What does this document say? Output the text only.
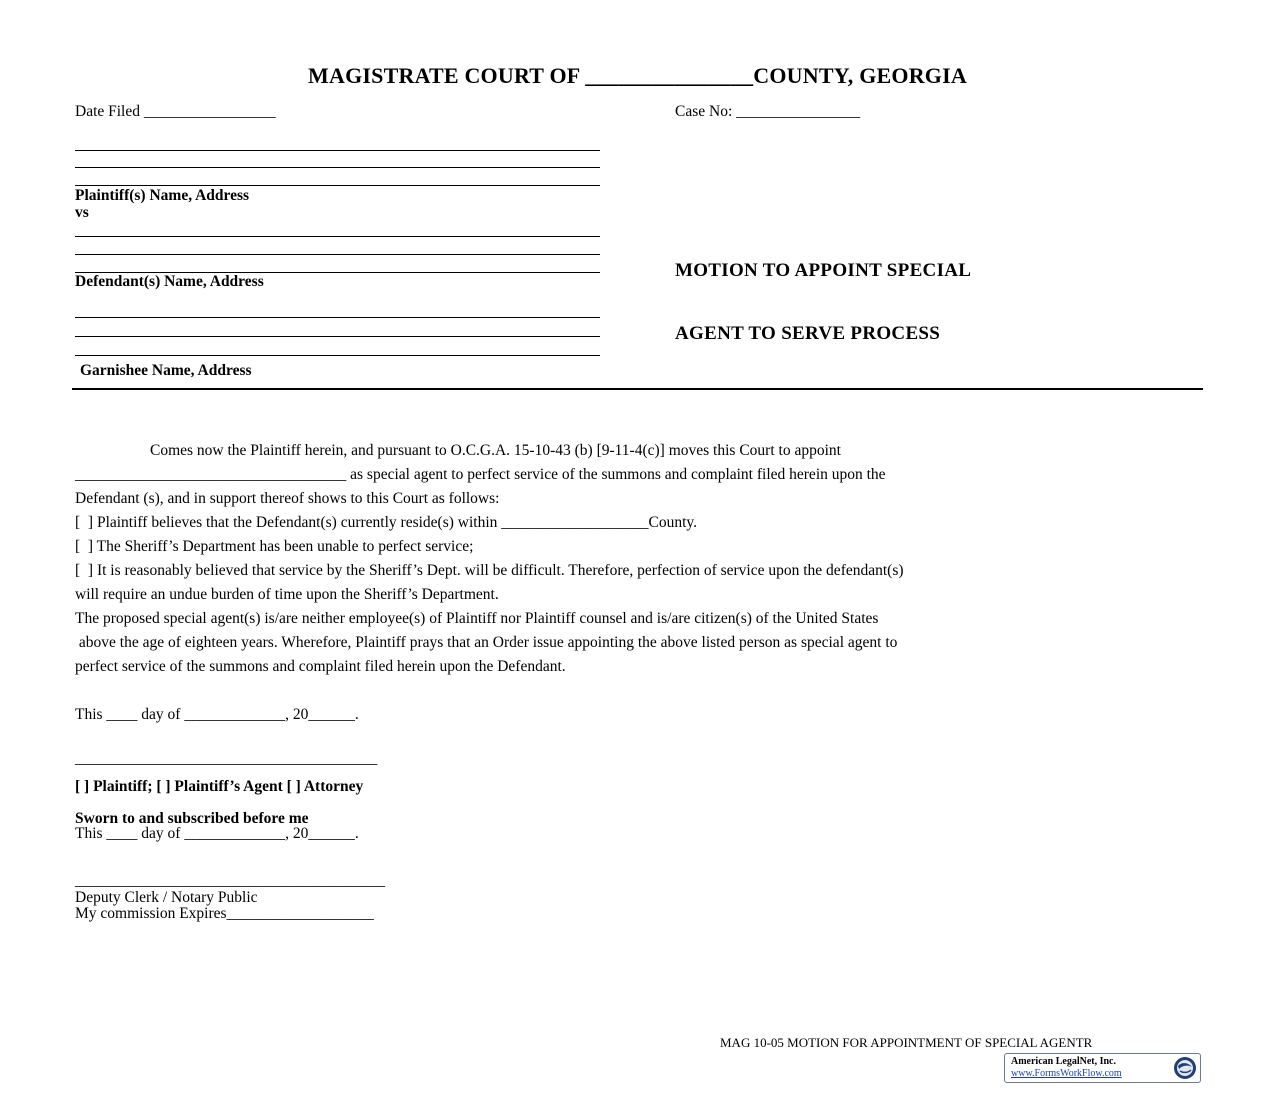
MAGISTRATE COURT OF _______________COUNTY, GEORGIA
Date Filed _________________	Case No: ________________
Plaintiff(s) Name, Address
vs
Defendant(s) Name, Address
Garnishee Name, Address

MOTION TO APPOINT SPECIAL

AGENT TO SERVE PROCESS

Comes now the Plaintiff herein, and pursuant to O.C.G.A. 15-10-43 (b) [9-11-4(c)] moves this Court to appoint
___________________________________ as special agent to perfect service of the summons and complaint filed herein upon the
Defendant (s), and in support thereof shows to this Court as follows:
[  ] Plaintiff believes that the Defendant(s) currently reside(s) within ___________________County.
[  ] The Sheriff’s Department has been unable to perfect service;
[  ] It is reasonably believed that service by the Sheriff’s Dept. will be difficult. Therefore, perfection of service upon the defendant(s)
will require an undue burden of time upon the Sheriff’s Department.
The proposed special agent(s) is/are neither employee(s) of Plaintiff nor Plaintiff counsel and is/are citizen(s) of the United States
above the age of eighteen years. Wherefore, Plaintiff prays that an Order issue appointing the above listed person as special agent to
perfect service of the summons and complaint filed herein upon the Defendant.
This ____ day of _____________, 20______.
_______________________________________
[ ] Plaintiff; [ ] Plaintiff’s Agent [ ] Attorney
Sworn to and subscribed before me
This ____ day of _____________, 20______.
________________________________________
Deputy Clerk / Notary Public
My commission Expires___________________
MAG 10-05 MOTION FOR APPOINTMENT OF SPECIAL AGENTR
American LegalNet, Inc.
www.FormsWorkFlow.com
